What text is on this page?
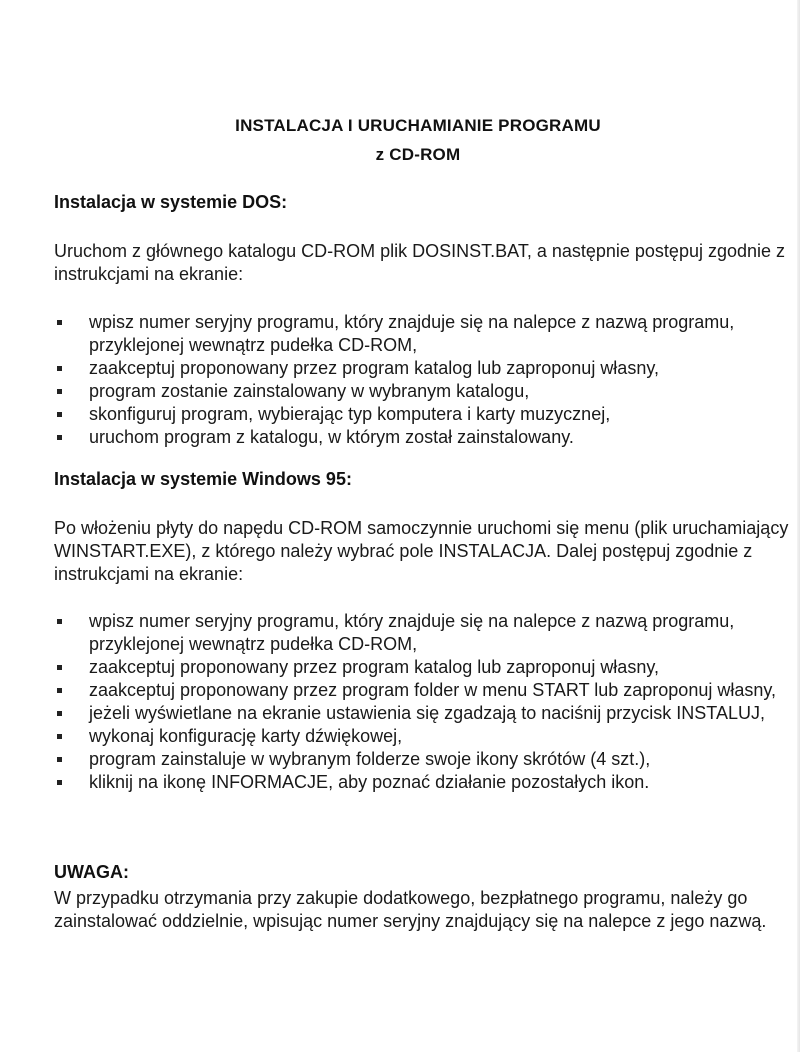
INSTALACJA I URUCHAMIANIE PROGRAMU
z CD-ROM
Instalacja w systemie DOS:
Uruchom z głównego katalogu CD-ROM plik DOSINST.BAT, a następnie postępuj zgodnie z instrukcjami na ekranie:
wpisz numer seryjny programu, który znajduje się na nalepce z nazwą programu, przyklejonej wewnątrz pudełka CD-ROM,
zaakceptuj proponowany przez program katalog lub zaproponuj własny,
program zostanie zainstalowany w wybranym katalogu,
skonfiguruj program, wybierając typ komputera i karty muzycznej,
uruchom program z katalogu, w którym został zainstalowany.
Instalacja w systemie Windows 95:
Po włożeniu płyty do napędu CD-ROM samoczynnie uruchomi się menu (plik uruchamiający WINSTART.EXE), z którego należy wybrać pole INSTALACJA. Dalej postępuj zgodnie z instrukcjami na ekranie:
wpisz numer seryjny programu, który znajduje się na nalepce z nazwą programu, przyklejonej wewnątrz pudełka CD-ROM,
zaakceptuj proponowany przez program katalog lub zaproponuj własny,
zaakceptuj proponowany przez program folder w menu START lub zaproponuj własny,
jeżeli wyświetlane na ekranie ustawienia się zgadzają to naciśnij przycisk INSTALUJ,
wykonaj konfigurację karty dźwiękowej,
program zainstaluje w wybranym folderze swoje ikony skrótów (4 szt.),
kliknij na ikonę INFORMACJE, aby poznać działanie pozostałych ikon.
UWAGA:
W przypadku otrzymania przy zakupie dodatkowego, bezpłatnego programu, należy go zainstalować oddzielnie, wpisując numer seryjny znajdujący się na nalepce z jego nazwą.
